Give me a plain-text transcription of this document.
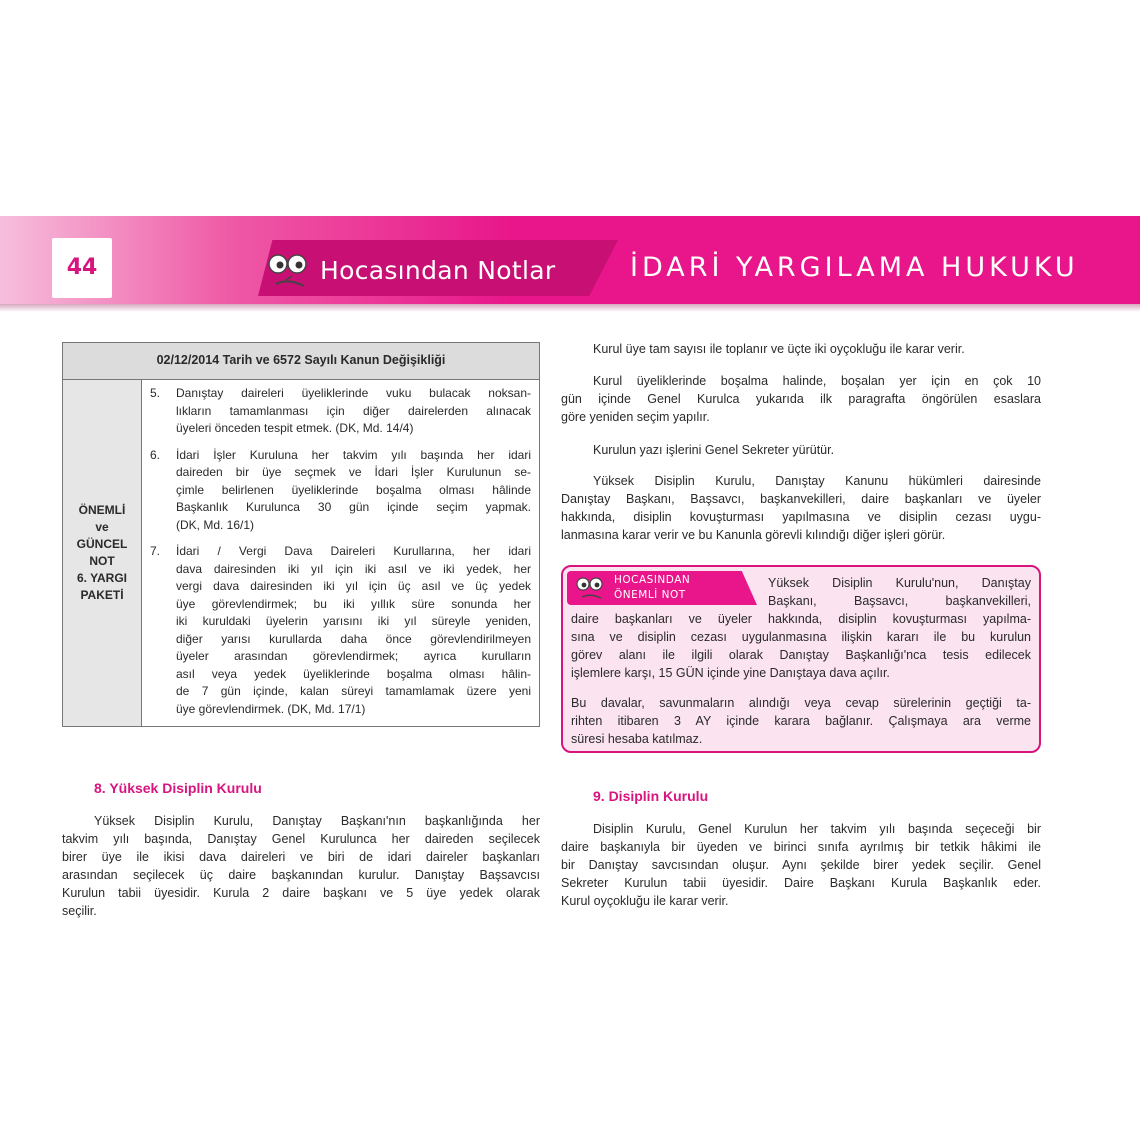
44	Hocasından Notlar	İDARİ YARGILAMA HUKUKU
02/12/2014 Tarih ve 6572 Sayılı Kanun Değişikliği

ÖNEMLİ
ve
GÜNCEL
NOT
6. YARGI
PAKETİ

5.	Danıştay daireleri üyeliklerinde vuku bulacak noksan-
lıkların tamamlanması için diğer dairelerden alınacak
üyeleri önceden tespit etmek. (DK, Md. 14/4)
6.	İdari İşler Kuruluna her takvim yılı başında her idari
daireden bir üye seçmek ve İdari İşler Kurulunun se-
çimle belirlenen üyeliklerinde boşalma olması hâlinde
Başkanlık Kurulunca 30 gün içinde seçim yapmak.
(DK, Md. 16/1)
7.	İdari / Vergi Dava Daireleri Kurullarına, her idari
dava dairesinden iki yıl için iki asıl ve iki yedek, her
vergi dava dairesinden iki yıl için üç asıl ve üç yedek
üye görevlendirmek; bu iki yıllık süre sonunda her
iki kuruldaki üyelerin yarısını iki yıl süreyle yeniden,
diğer yarısı kurullarda daha önce görevlendirilmeyen
üyeler arasından görevlendirmek; ayrıca kurulların
asıl veya yedek üyeliklerinde boşalma olması hâlin-
de 7 gün içinde, kalan süreyi tamamlamak üzere yeni
üye görevlendirmek. (DK, Md. 17/1)
8. Yüksek Disiplin Kurulu
Yüksek Disiplin Kurulu, Danıştay Başkanı'nın başkanlığında her
takvim yılı başında, Danıştay Genel Kurulunca her daireden seçilecek
birer üye ile ikisi dava daireleri ve biri de idari daireler başkanları
arasından seçilecek üç daire başkanından kurulur. Danıştay Başsavcısı
Kurulun tabii üyesidir. Kurula 2 daire başkanı ve 5 üye yedek olarak
seçilir.
Kurul üye tam sayısı ile toplanır ve üçte iki oyçokluğu ile karar verir.
Kurul üyeliklerinde boşalma halinde, boşalan yer için en çok 10
gün içinde Genel Kurulca yukarıda ilk paragrafta öngörülen esaslara
göre yeniden seçim yapılır.
Kurulun yazı işlerini Genel Sekreter yürütür.
Yüksek Disiplin Kurulu, Danıştay Kanunu hükümleri dairesinde
Danıştay Başkanı, Başsavcı, başkanvekilleri, daire başkanları ve üyeler
hakkında, disiplin kovuşturması yapılmasına ve disiplin cezası uygu-
lanmasına karar verir ve bu Kanunla görevli kılındığı diğer işleri görür.
HOCASINDAN
ÖNEMLİ NOT
Yüksek Disiplin Kurulu'nun, Danıştay
Başkanı, Başsavcı, başkanvekilleri,
daire başkanları ve üyeler hakkında, disiplin kovuşturması yapılma-
sına ve disiplin cezası uygulanmasına ilişkin kararı ile bu kurulun
görev alanı ile ilgili olarak Danıştay Başkanlığı'nca tesis edilecek
işlemlere karşı, 15 GÜN içinde yine Danıştaya dava açılır.
Bu davalar, savunmaların alındığı veya cevap sürelerinin geçtiği ta-
rihten itibaren 3 AY içinde karara bağlanır. Çalışmaya ara verme
süresi hesaba katılmaz.
9. Disiplin Kurulu
Disiplin Kurulu, Genel Kurulun her takvim yılı başında seçeceği bir
daire başkanıyla bir üyeden ve birinci sınıfa ayrılmış bir tetkik hâkimi ile
bir Danıştay savcısından oluşur. Aynı şekilde birer yedek seçilir. Genel
Sekreter Kurulun tabii üyesidir. Daire Başkanı Kurula Başkanlık eder.
Kurul oyçokluğu ile karar verir.
